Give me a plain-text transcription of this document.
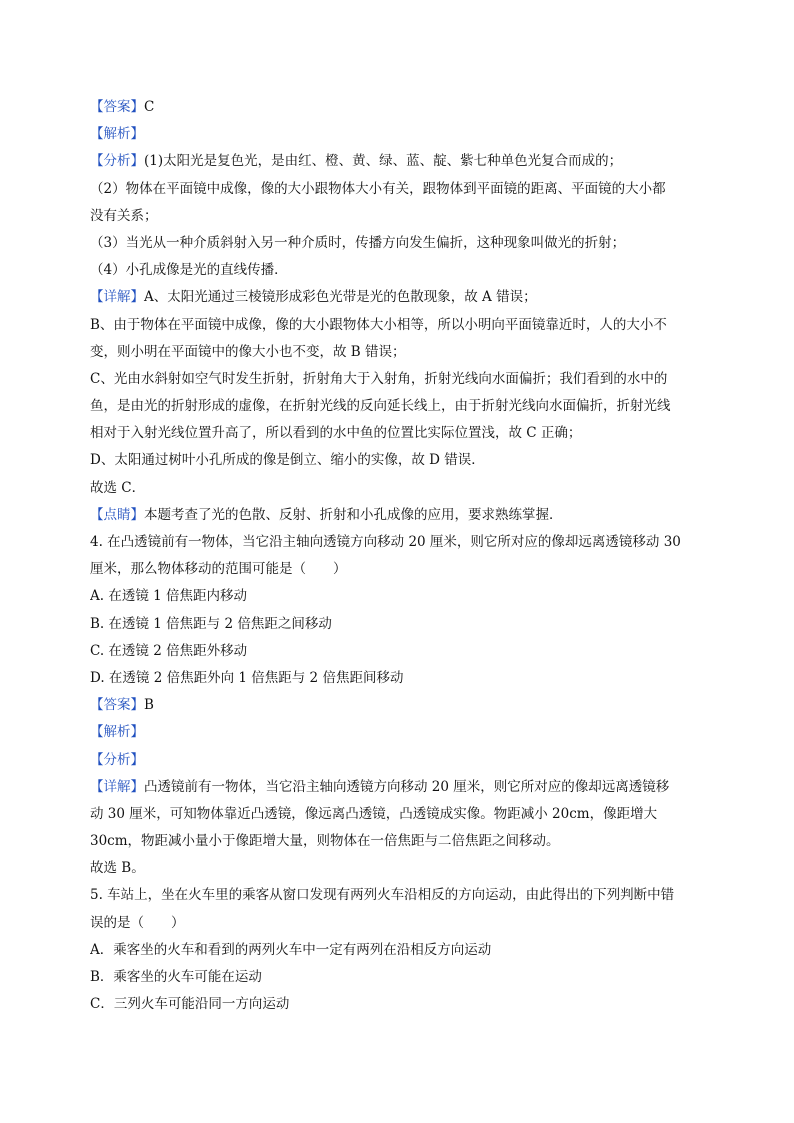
【答案】C
【解析】
【分析】(1)太阳光是复色光，是由红、橙、黄、绿、蓝、靛、紫七种单色光复合而成的；
（2）物体在平面镜中成像，像的大小跟物体大小有关，跟物体到平面镜的距离、平面镜的大小都
没有关系；
（3）当光从一种介质斜射入另一种介质时，传播方向发生偏折，这种现象叫做光的折射；
（4）小孔成像是光的直线传播．
【详解】A、太阳光通过三棱镜形成彩色光带是光的色散现象，故 A 错误；
B、由于物体在平面镜中成像，像的大小跟物体大小相等，所以小明向平面镜靠近时，人的大小不
变，则小明在平面镜中的像大小也不变，故 B 错误；
C、光由水斜射如空气时发生折射，折射角大于入射角，折射光线向水面偏折；我们看到的水中的
鱼，是由光的折射形成的虚像，在折射光线的反向延长线上，由于折射光线向水面偏折，折射光线
相对于入射光线位置升高了，所以看到的水中鱼的位置比实际位置浅，故 C 正确；
D、太阳通过树叶小孔所成的像是倒立、缩小的实像，故 D 错误．
故选 C．
【点睛】本题考查了光的色散、反射、折射和小孔成像的应用，要求熟练掌握．
4. 在凸透镜前有一物体，当它沿主轴向透镜方向移动 20 厘米，则它所对应的像却远离透镜移动 30
厘米，那么物体移动的范围可能是（　　）
A. 在透镜 1 倍焦距内移动
B. 在透镜 1 倍焦距与 2 倍焦距之间移动
C. 在透镜 2 倍焦距外移动
D. 在透镜 2 倍焦距外向 1 倍焦距与 2 倍焦距间移动
【答案】B
【解析】
【分析】
【详解】凸透镜前有一物体，当它沿主轴向透镜方向移动 20 厘米，则它所对应的像却远离透镜移
动 30 厘米，可知物体靠近凸透镜，像远离凸透镜，凸透镜成实像。物距减小 20cm，像距增大
30cm，物距减小量小于像距增大量，则物体在一倍焦距与二倍焦距之间移动。
故选 B。
5. 车站上，坐在火车里的乘客从窗口发现有两列火车沿相反的方向运动，由此得出的下列判断中错
误的是（　　）
A．乘客坐的火车和看到的两列火车中一定有两列在沿相反方向运动
B．乘客坐的火车可能在运动
C．三列火车可能沿同一方向运动
